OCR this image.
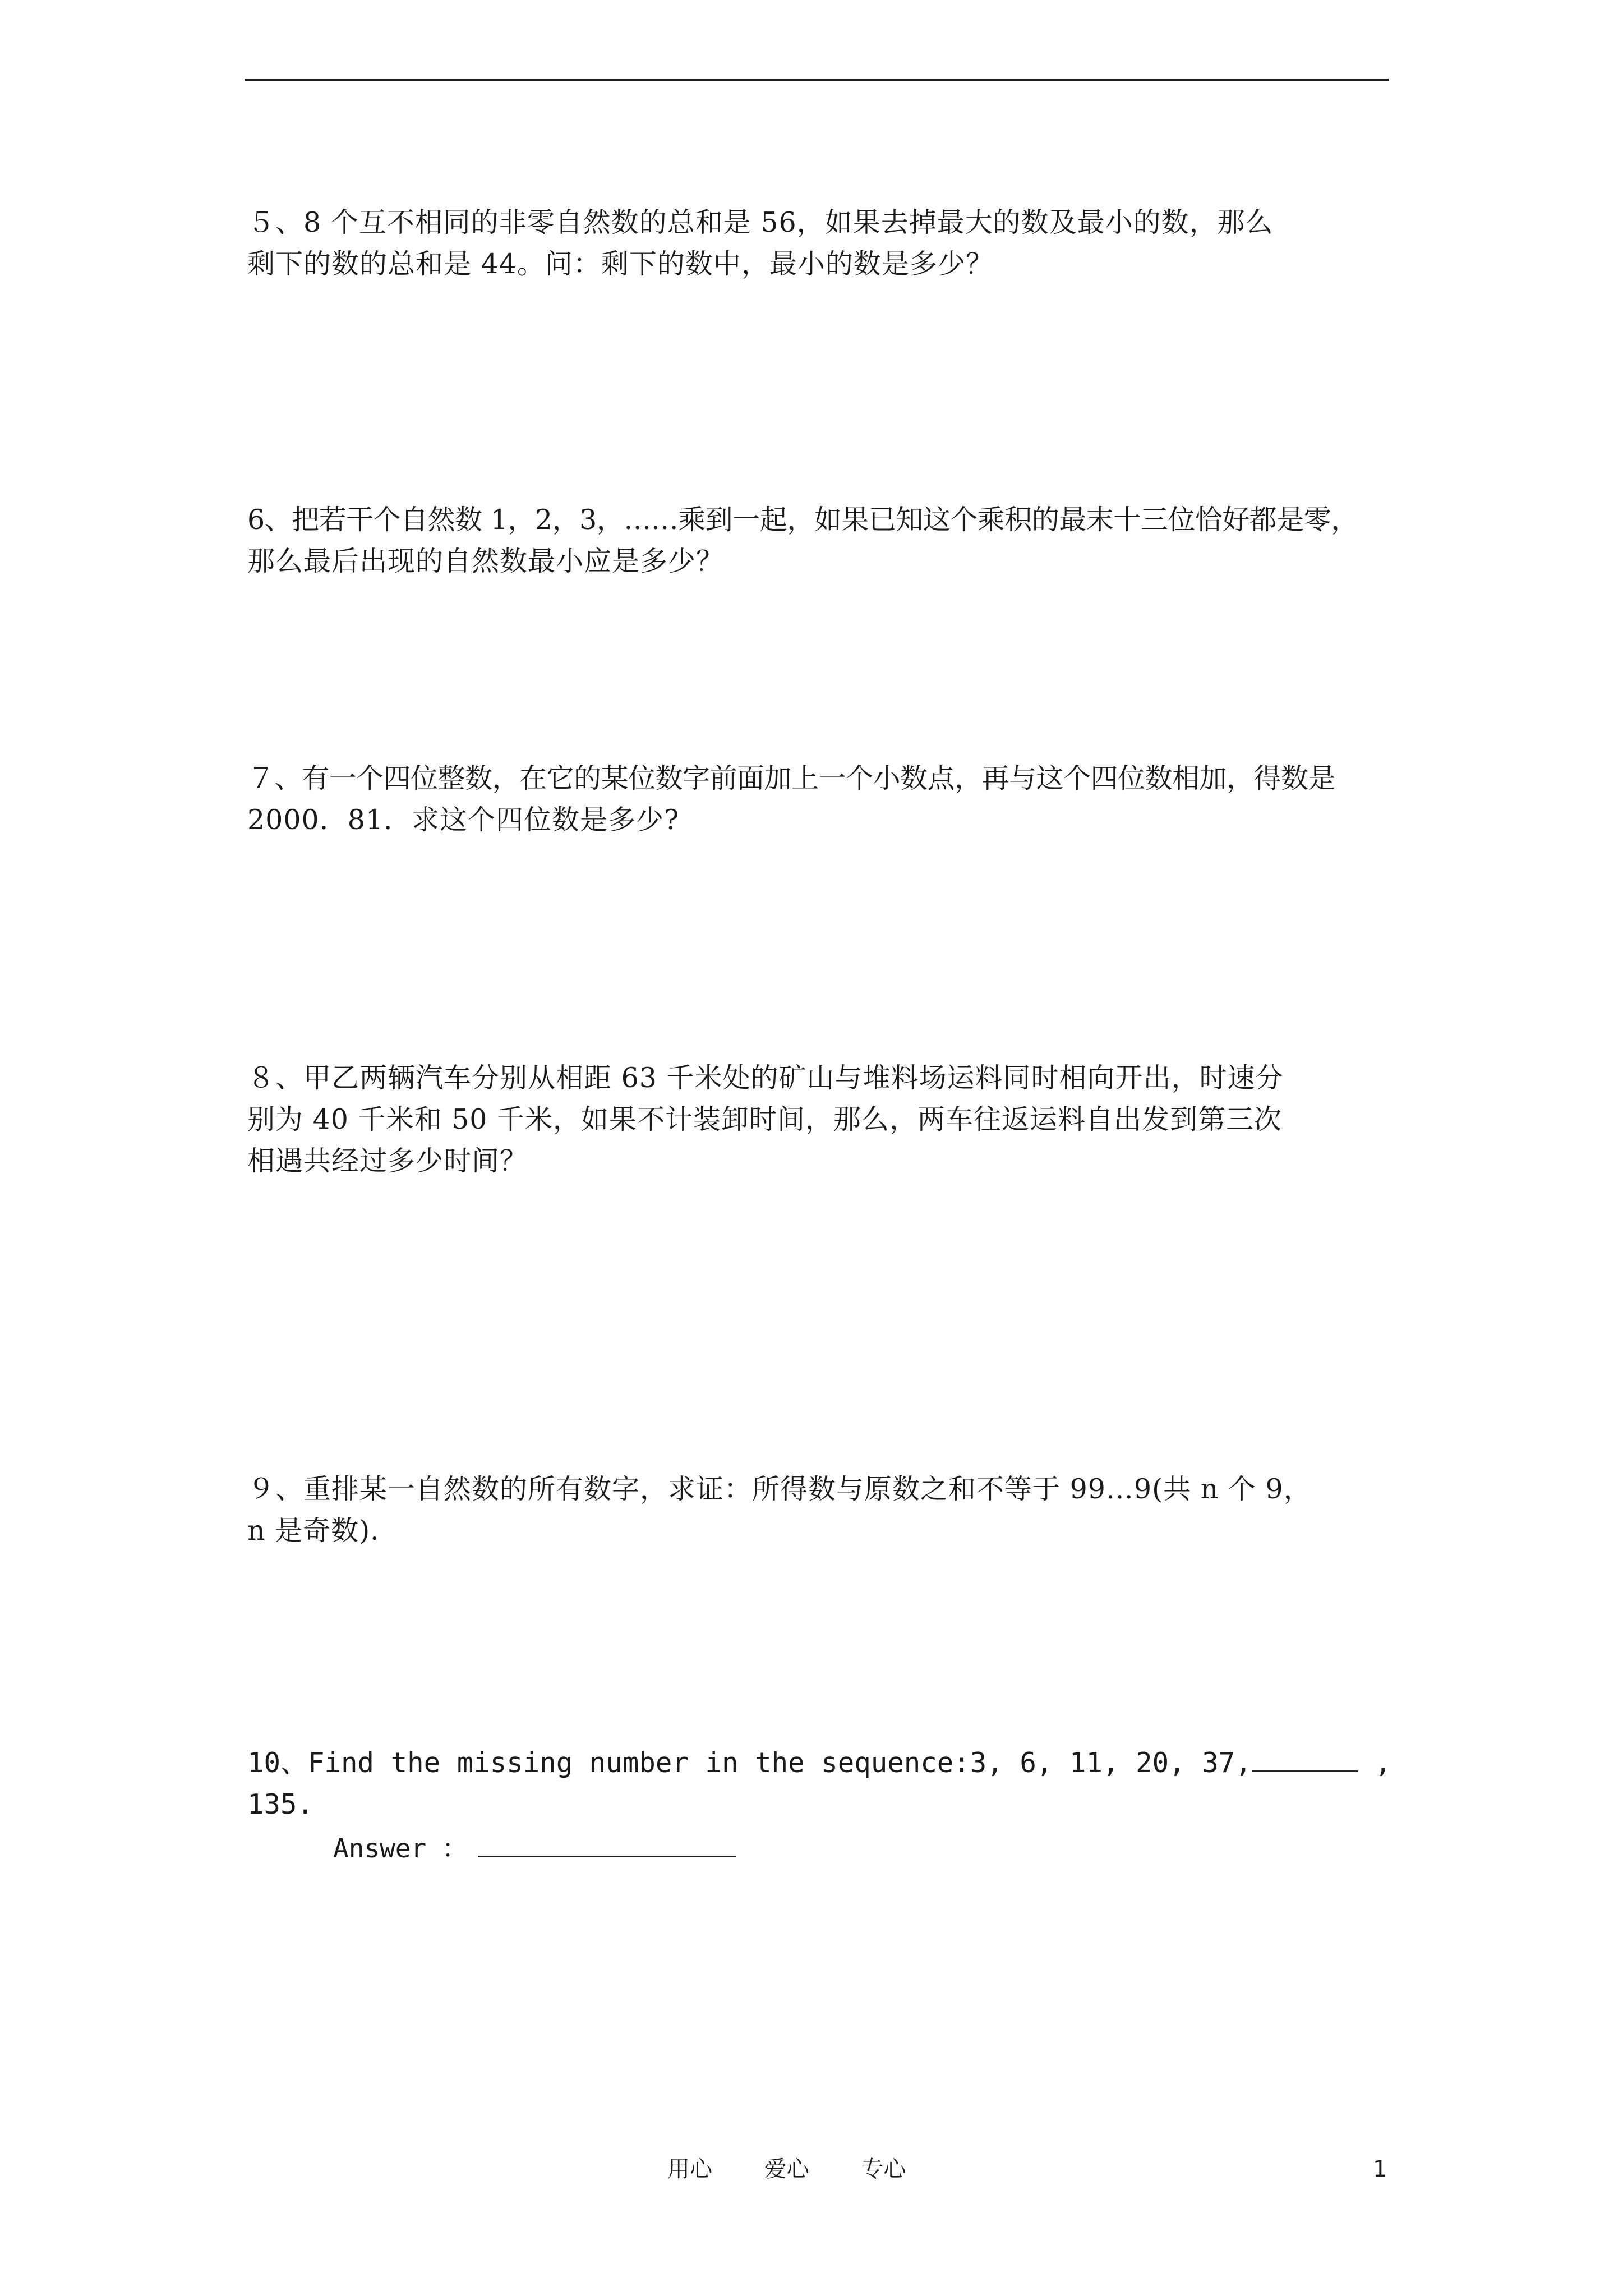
５、8 个互不相同的非零自然数的总和是 56，如果去掉最大的数及最小的数，那么
剩下的数的总和是 44。问：剩下的数中，最小的数是多少？
6、把若干个自然数 1，2，3，……乘到一起，如果已知这个乘积的最末十三位恰好都是零，
那么最后出现的自然数最小应是多少？
７、有一个四位整数，在它的某位数字前面加上一个小数点，再与这个四位数相加，得数是
2000．81．求这个四位数是多少?
８、甲乙两辆汽车分别从相距 63 千米处的矿山与堆料场运料同时相向开出，时速分
别为 40 千米和 50 千米，如果不计装卸时间，那么，两车往返运料自出发到第三次
相遇共经过多少时间？
９、重排某一自然数的所有数字，求证：所得数与原数之和不等于 99…9(共 n 个 9，
n 是奇数)．
10、Find the missing number in the sequence:3, 6, 11, 20, 37,	,
135.
Answer ：
用心 爱心 专心	1
